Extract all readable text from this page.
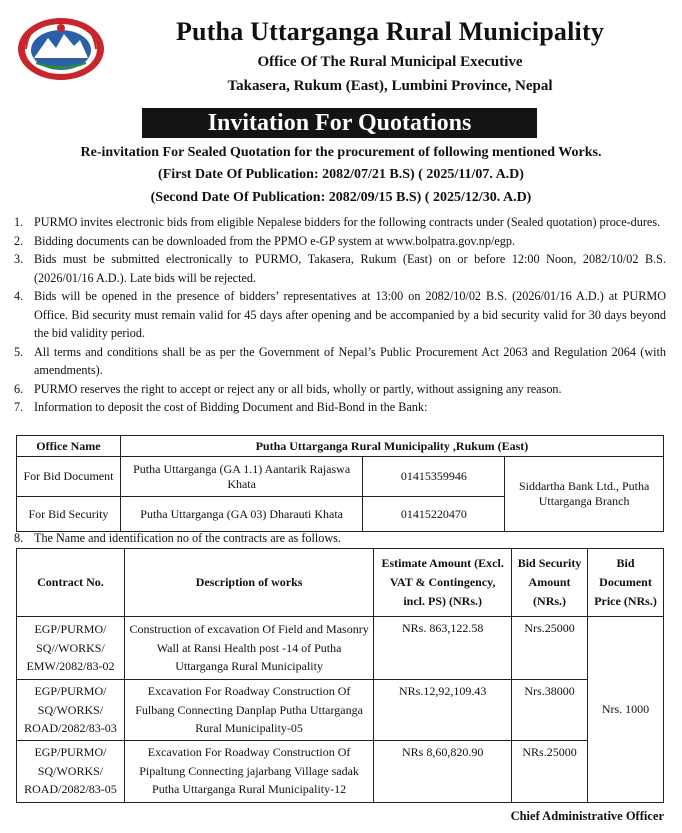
Putha Uttarganga Rural Municipality
Office Of The Rural Municipal Executive
Takasera, Rukum (East), Lumbini Province, Nepal
Invitation For Quotations
Re-invitation For Sealed Quotation for the procurement of following mentioned Works.
(First Date Of Publication: 2082/07/21 B.S) ( 2025/11/07. A.D)
(Second Date Of Publication: 2082/09/15 B.S) ( 2025/12/30. A.D)
1. PURMO invites electronic bids from eligible Nepalese bidders for the following contracts under (Sealed quotation) proce-dures.
2. Bidding documents can be downloaded from the PPMO e-GP system at www.bolpatra.gov.np/egp.
3. Bids must be submitted electronically to PURMO, Takasera, Rukum (East) on or before 12:00 Noon, 2082/10/02 B.S. (2026/01/16 A.D.). Late bids will be rejected.
4. Bids will be opened in the presence of bidders’ representatives at 13:00 on 2082/10/02 B.S. (2026/01/16 A.D.) at PURMO Office. Bid security must remain valid for 45 days after opening and be accompanied by a bid security valid for 30 days beyond the bid validity period.
5. All terms and conditions shall be as per the Government of Nepal’s Public Procurement Act 2063 and Regulation 2064 (with amendments).
6. PURMO reserves the right to accept or reject any or all bids, wholly or partly, without assigning any reason.
7. Information to deposit the cost of Bidding Document and Bid-Bond in the Bank:
Office Name	Putha Uttarganga Rural Municipality ,Rukum (East)		
For Bid Document	Putha Uttarganga (GA 1.1) Aantarik Rajaswa Khata	01415359946	Siddartha Bank Ltd., Putha Uttarganga Branch
For Bid Security	Putha Uttarganga (GA 03) Dharauti Khata	01415220470	
8. The Name and identification no of the contracts are as follows.
Contract No.	Description of works	Estimate Amount (Excl. VAT & Contingency, incl. PS) (NRs.)	Bid Security Amount (NRs.)	Bid Document Price (NRs.)
EGP/PURMO/ SQ//WORKS/ EMW/2082/83-02	Construction of excavation Of Field and Masonry Wall at Ransi Health post -14 of Putha Uttarganga Rural Municipality	NRs. 863,122.58	Nrs.25000	Nrs. 1000
EGP/PURMO/ SQ/WORKS/ ROAD/2082/83-03	Excavation For Roadway Construction Of Fulbang Connecting Danplap Putha Uttarganga Rural Municipality-05	NRs.12,92,109.43	Nrs.38000	
EGP/PURMO/ SQ/WORKS/ ROAD/2082/83-05	Excavation For Roadway Construction Of Pipaltung Connecting jajarbang Village sadak Putha Uttarganga Rural Municipality-12	NRs 8,60,820.90	NRs.25000	
Chief Administrative Officer
